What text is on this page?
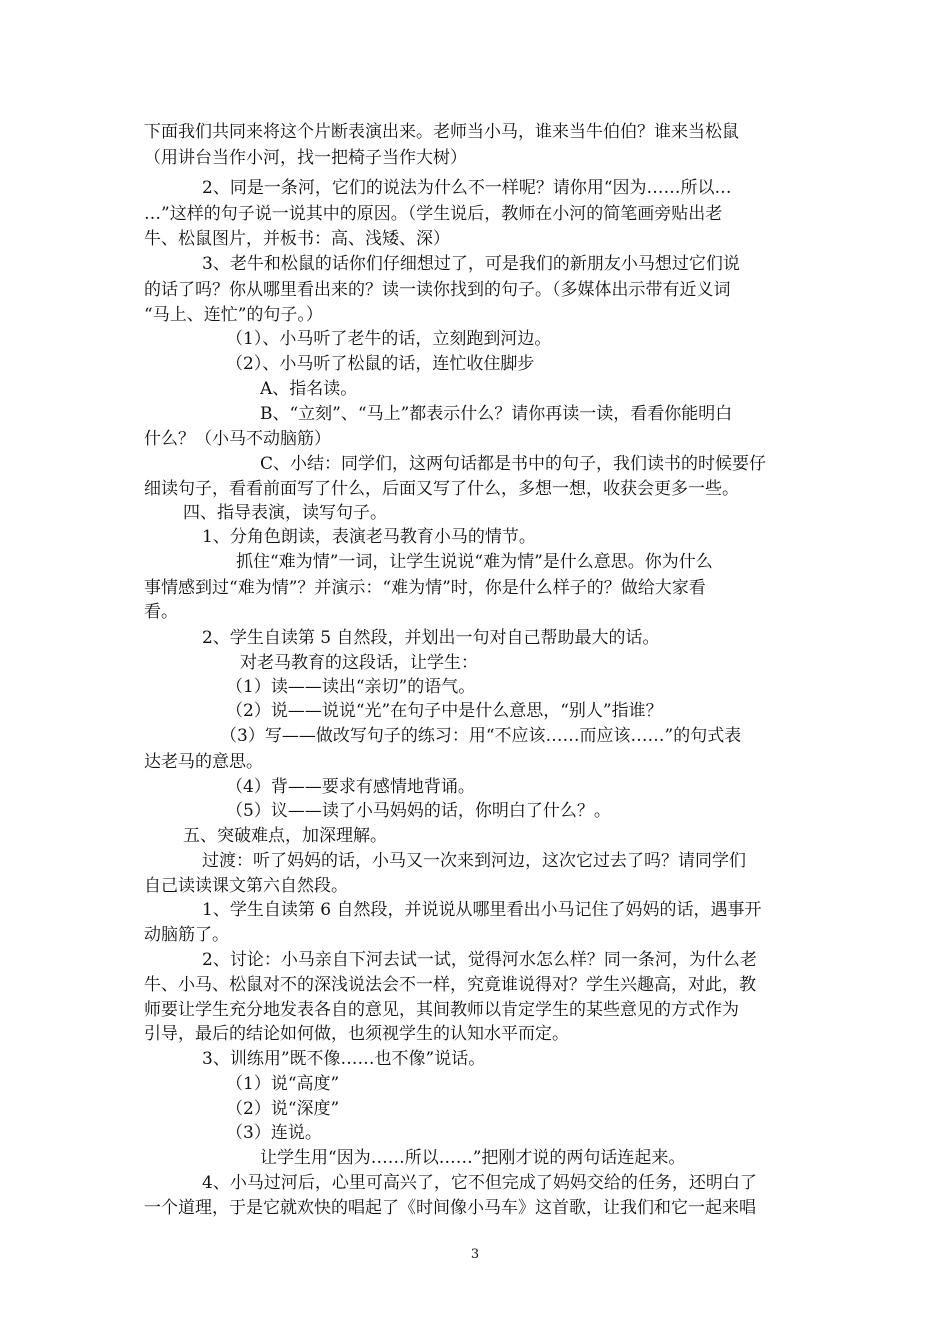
下面我们共同来将这个片断表演出来。老师当小马，谁来当牛伯伯？谁来当松鼠
（用讲台当作小河，找一把椅子当作大树）
2、同是一条河，它们的说法为什么不一样呢？请你用“因为……所以…
…”这样的句子说一说其中的原因。（学生说后，教师在小河的简笔画旁贴出老
牛、松鼠图片，并板书：高、浅矮、深）
3、老牛和松鼠的话你们仔细想过了，可是我们的新朋友小马想过它们说
的话了吗？你从哪里看出来的？读一读你找到的句子。（多媒体出示带有近义词
“马上、连忙”的句子。）
（1）、小马听了老牛的话，立刻跑到河边。
（2）、小马听了松鼠的话，连忙收住脚步
A、指名读。
B、“立刻”、“马上”都表示什么？请你再读一读，看看你能明白
什么？（小马不动脑筋）
C、小结：同学们，这两句话都是书中的句子，我们读书的时候要仔
细读句子，看看前面写了什么，后面又写了什么，多想一想，收获会更多一些。
四、指导表演，读写句子。
1、分角色朗读，表演老马教育小马的情节。
抓住“难为情”一词，让学生说说“难为情”是什么意思。你为什么
事情感到过“难为情”？并演示：“难为情”时，你是什么样子的？做给大家看
看。
2、学生自读第 5 自然段，并划出一句对自己帮助最大的话。
对老马教育的这段话，让学生：
（1）读——读出“亲切”的语气。
（2）说——说说“光”在句子中是什么意思，“别人”指谁？
（3）写——做改写句子的练习：用“不应该……而应该……”的句式表
达老马的意思。
（4）背——要求有感情地背诵。
（5）议——读了小马妈妈的话，你明白了什么？。
五、突破难点，加深理解。
过渡：听了妈妈的话，小马又一次来到河边，这次它过去了吗？请同学们
自己读读课文第六自然段。
1、学生自读第 6 自然段，并说说从哪里看出小马记住了妈妈的话，遇事开
动脑筋了。
2、讨论：小马亲自下河去试一试，觉得河水怎么样？同一条河，为什么老
牛、小马、松鼠对不的深浅说法会不一样，究竟谁说得对？学生兴趣高，对此，教
师要让学生充分地发表各自的意见，其间教师以肯定学生的某些意见的方式作为
引导，最后的结论如何做，也须视学生的认知水平而定。
3、训练用”既不像……也不像”说话。
（1）说“高度”
（2）说“深度”
（3）连说。
让学生用“因为……所以……”把刚才说的两句话连起来。
4、小马过河后，心里可高兴了，它不但完成了妈妈交给的任务，还明白了
一个道理，于是它就欢快的唱起了《时间像小马车》这首歌，让我们和它一起来唱
3
